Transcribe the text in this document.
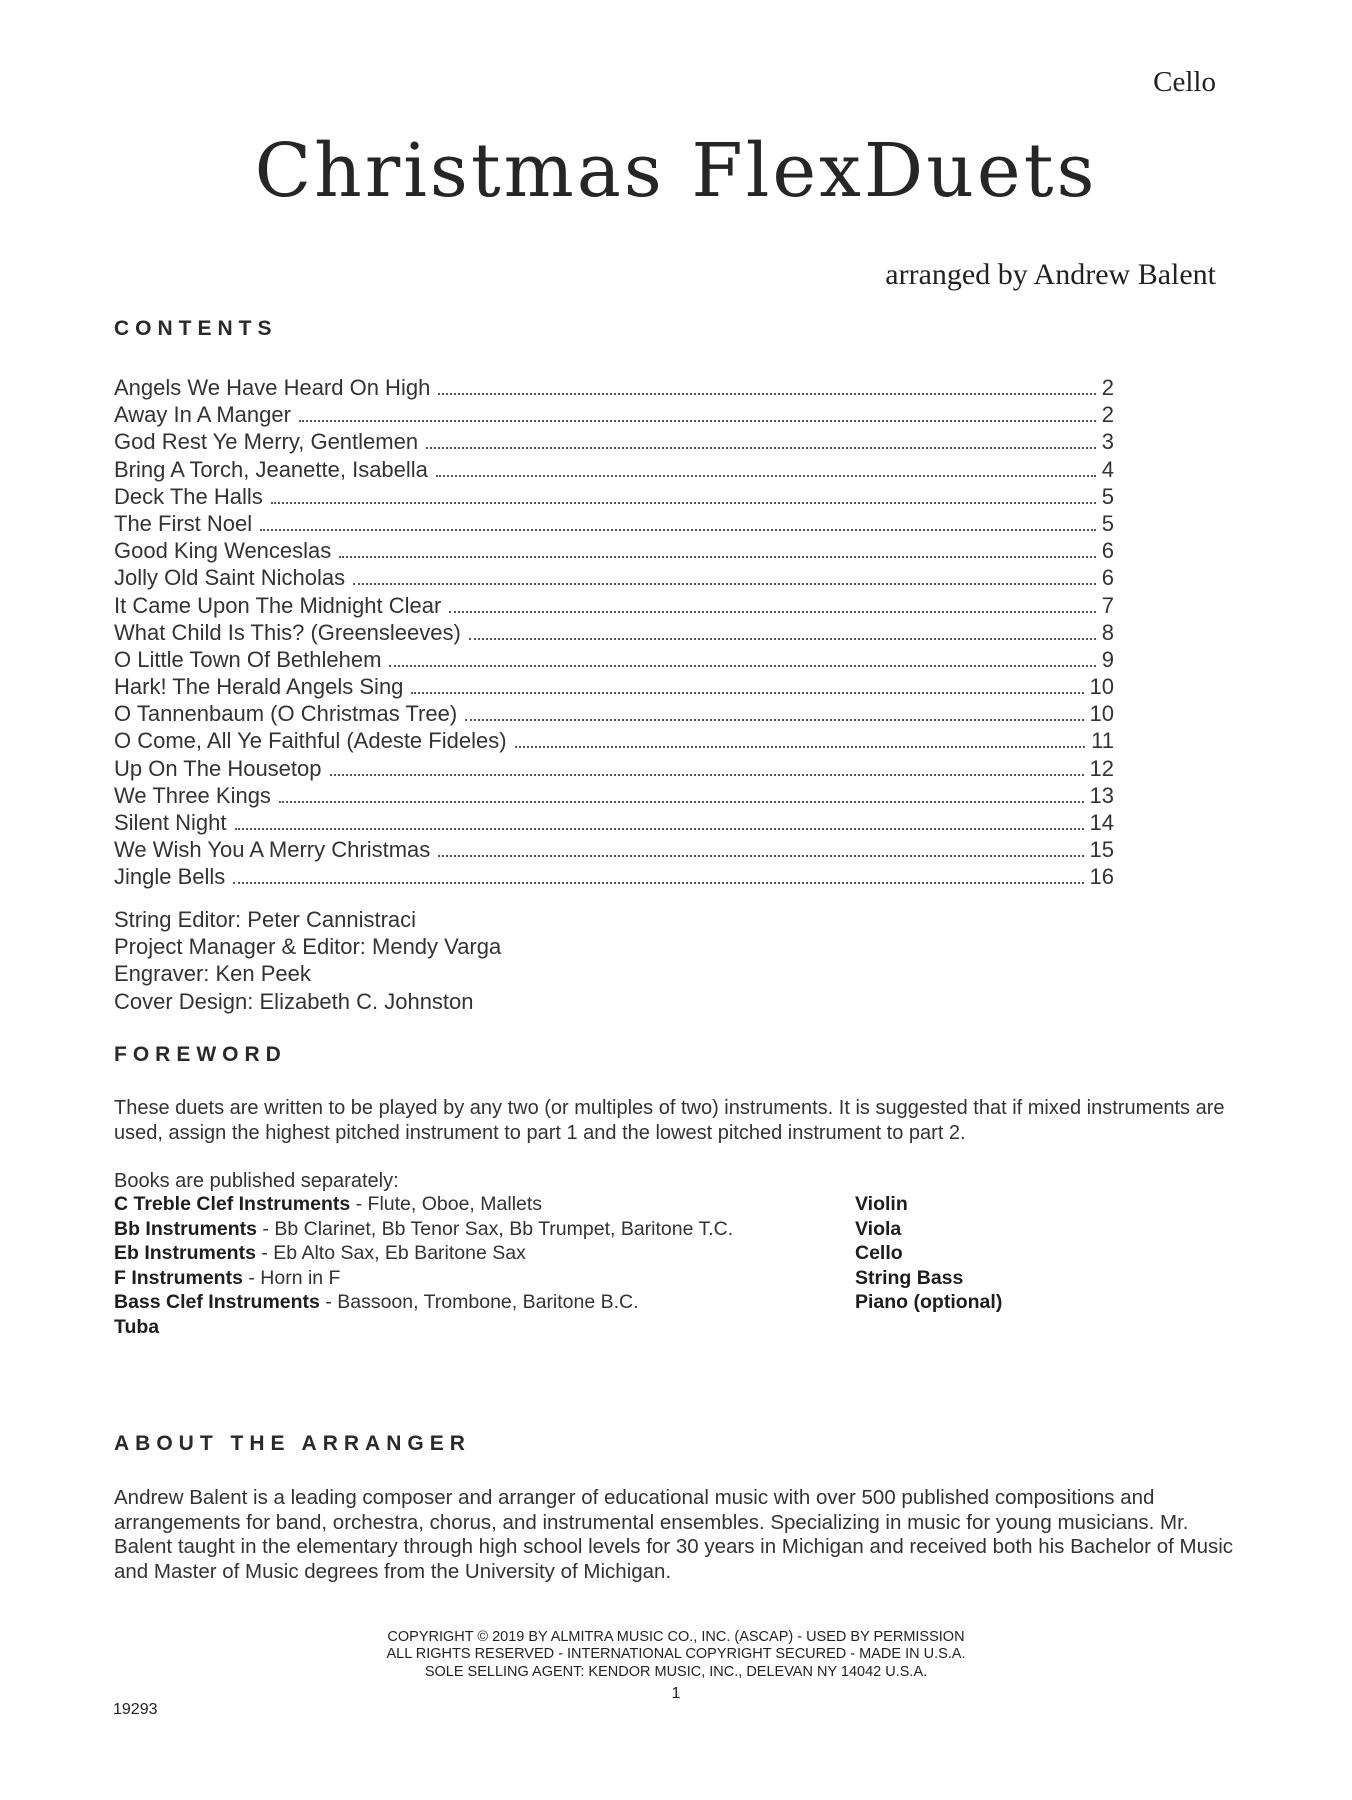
Cello
Christmas FlexDuets
arranged by Andrew Balent
CONTENTS
Angels We Have Heard On High	2
Away In A Manger	2
God Rest Ye Merry, Gentlemen	3
Bring A Torch, Jeanette, Isabella	4
Deck The Halls	5
The First Noel	5
Good King Wenceslas	6
Jolly Old Saint Nicholas	6
It Came Upon The Midnight Clear	7
What Child Is This? (Greensleeves)	8
O Little Town Of Bethlehem	9
Hark! The Herald Angels Sing	10
O Tannenbaum (O Christmas Tree)	10
O Come, All Ye Faithful (Adeste Fideles)	11
Up On The Housetop	12
We Three Kings	13
Silent Night	14
We Wish You A Merry Christmas	15
Jingle Bells	16
String Editor: Peter Cannistraci
Project Manager & Editor: Mendy Varga
Engraver: Ken Peek
Cover Design: Elizabeth C. Johnston
FOREWORD
These duets are written to be played by any two (or multiples of two) instruments. It is suggested that if mixed instruments are used, assign the highest pitched instrument to part 1 and the lowest pitched instrument to part 2.
Books are published separately:
C Treble Clef Instruments - Flute, Oboe, Mallets	Violin
Bb Instruments - Bb Clarinet, Bb Tenor Sax, Bb Trumpet, Baritone T.C.	Viola
Eb Instruments - Eb Alto Sax, Eb Baritone Sax	Cello
F Instruments - Horn in F	String Bass
Bass Clef Instruments - Bassoon, Trombone, Baritone B.C.	Piano (optional)
Tuba
ABOUT THE ARRANGER
Andrew Balent is a leading composer and arranger of educational music with over 500 published compositions and arrangements for band, orchestra, chorus, and instrumental ensembles. Specializing in music for young musicians. Mr. Balent taught in the elementary through high school levels for 30 years in Michigan and received both his Bachelor of Music and Master of Music degrees from the University of Michigan.
COPYRIGHT © 2019 BY ALMITRA MUSIC CO., INC. (ASCAP) - USED BY PERMISSION
ALL RIGHTS RESERVED - INTERNATIONAL COPYRIGHT SECURED - MADE IN U.S.A.
SOLE SELLING AGENT: KENDOR MUSIC, INC., DELEVAN NY 14042 U.S.A.
1
19293
